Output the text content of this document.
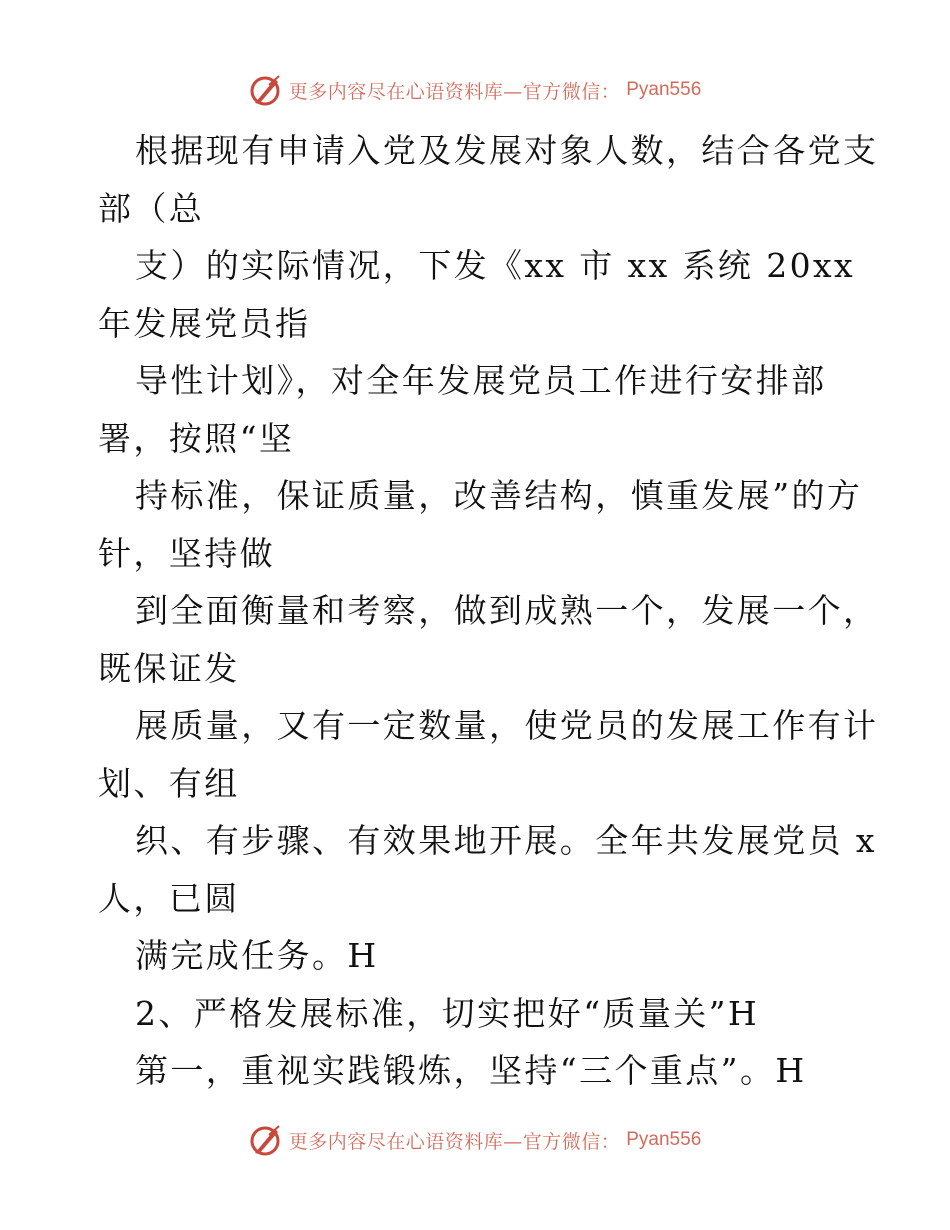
更多内容尽在心语资料库—官方微信： Pyan556
根据现有申请入党及发展对象人数，结合各党支
部（总
支）的实际情况，下发《xx 市 xx 系统 20xx
年发展党员指
导性计划》，对全年发展党员工作进行安排部
署，按照“坚
持标准，保证质量，改善结构，慎重发展”的方
针，坚持做
到全面衡量和考察，做到成熟一个，发展一个，
既保证发
展质量，又有一定数量，使党员的发展工作有计
划、有组
织、有步骤、有效果地开展。全年共发展党员 x
人，已圆
满完成任务。H
2、严格发展标准，切实把好“质量关”H
第一，重视实践锻炼，坚持“三个重点”。H
更多内容尽在心语资料库—官方微信： Pyan556
